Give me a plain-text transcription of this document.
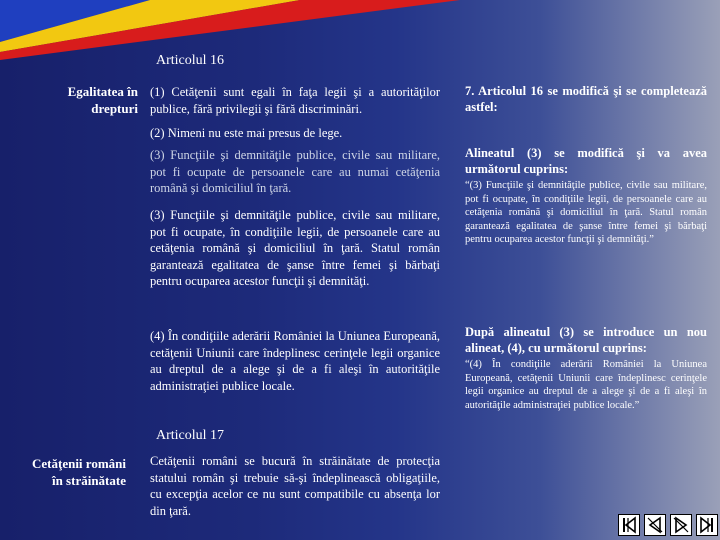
Articolul 16
Egalitatea în
drepturi
(1) Cetăţenii sunt egali în faţa legii şi a autorităţilor publice, fără privilegii şi fără discriminări.
(2) Nimeni nu este mai presus de lege.
(3) Funcţiile şi demnităţile publice, civile sau militare, pot fi ocupate de persoanele care au numai cetăţenia română şi domiciliul în ţară.
(3) Funcţiile şi demnităţile publice, civile sau militare, pot fi ocupate, în condiţiile legii, de persoanele care au cetăţenia română şi domiciliul în ţară. Statul român garantează egalitatea de şanse între femei şi bărbaţi pentru ocuparea acestor funcţii şi demnităţi.
(4) În condiţiile aderării României la Uniunea Europeană, cetăţenii Uniunii care îndeplinesc cerinţele legii organice au dreptul de a alege şi de a fi aleşi în autorităţile administraţiei publice locale.
Articolul 17
Cetăţenii români
în străinătate
Cetăţenii români se bucură în străinătate de protecţia statului român şi trebuie să-şi îndeplinească obligaţiile, cu excepţia acelor ce nu sunt compatibile cu absenţa lor din ţară.
7. Articolul 16 se modifică şi se completează astfel:
Alineatul (3) se modifică şi va avea următorul cuprins:
“(3) Funcţiile şi demnităţile publice, civile sau militare, pot fi ocupate, în condiţiile legii, de persoanele care au cetăţenia română şi domiciliul în ţară. Statul român garantează egalitatea de şanse între femei şi bărbaţi pentru ocuparea acestor funcţii şi demnităţi.”
După alineatul (3) se introduce un nou alineat, (4), cu următorul cuprins:
“(4) În condiţiile aderării României la Uniunea Europeană, cetăţenii Uniunii care îndeplinesc cerinţele legii organice au dreptul de a alege şi de a fi aleşi în autorităţile administraţiei publice locale.”
